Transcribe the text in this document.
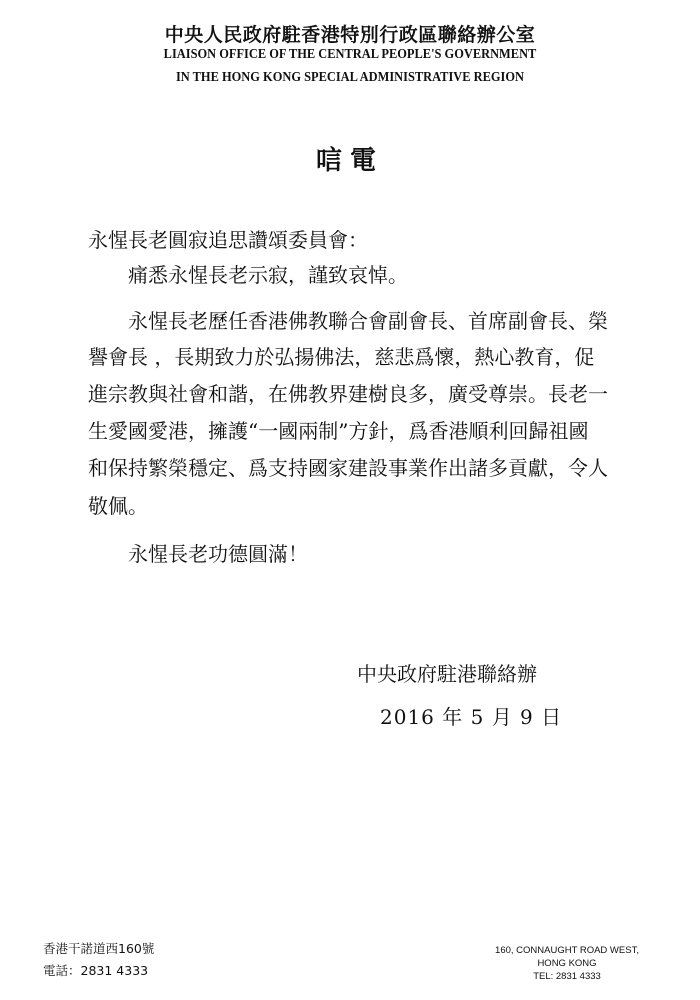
中央人民政府駐香港特別行政區聯絡辦公室

LIAISON OFFICE OF THE CENTRAL PEOPLE'S GOVERNMENT

IN THE HONG KONG SPECIAL ADMINISTRATIVE REGION

唁電

永惺長老圓寂追思讚頌委員會：

痛悉永惺長老示寂，謹致哀悼。

永惺長老歷任香港佛教聯合會副會長、首席副會長、榮

譽會長 ，長期致力於弘揚佛法，慈悲爲懷，熱心教育，促

進宗教與社會和諧，在佛教界建樹良多，廣受尊崇。長老一

生愛國愛港，擁護“一國兩制”方針，爲香港順利回歸祖國

和保持繁榮穩定、爲支持國家建設事業作出諸多貢獻，令人

敬佩。

永惺長老功德圓滿！

中央政府駐港聯絡辦

2016 年 5 月 9 日

香港干諾道西160號
電話：2831 4333
160, CONNAUGHT ROAD WEST,
HONG KONG
TEL: 2831 4333
